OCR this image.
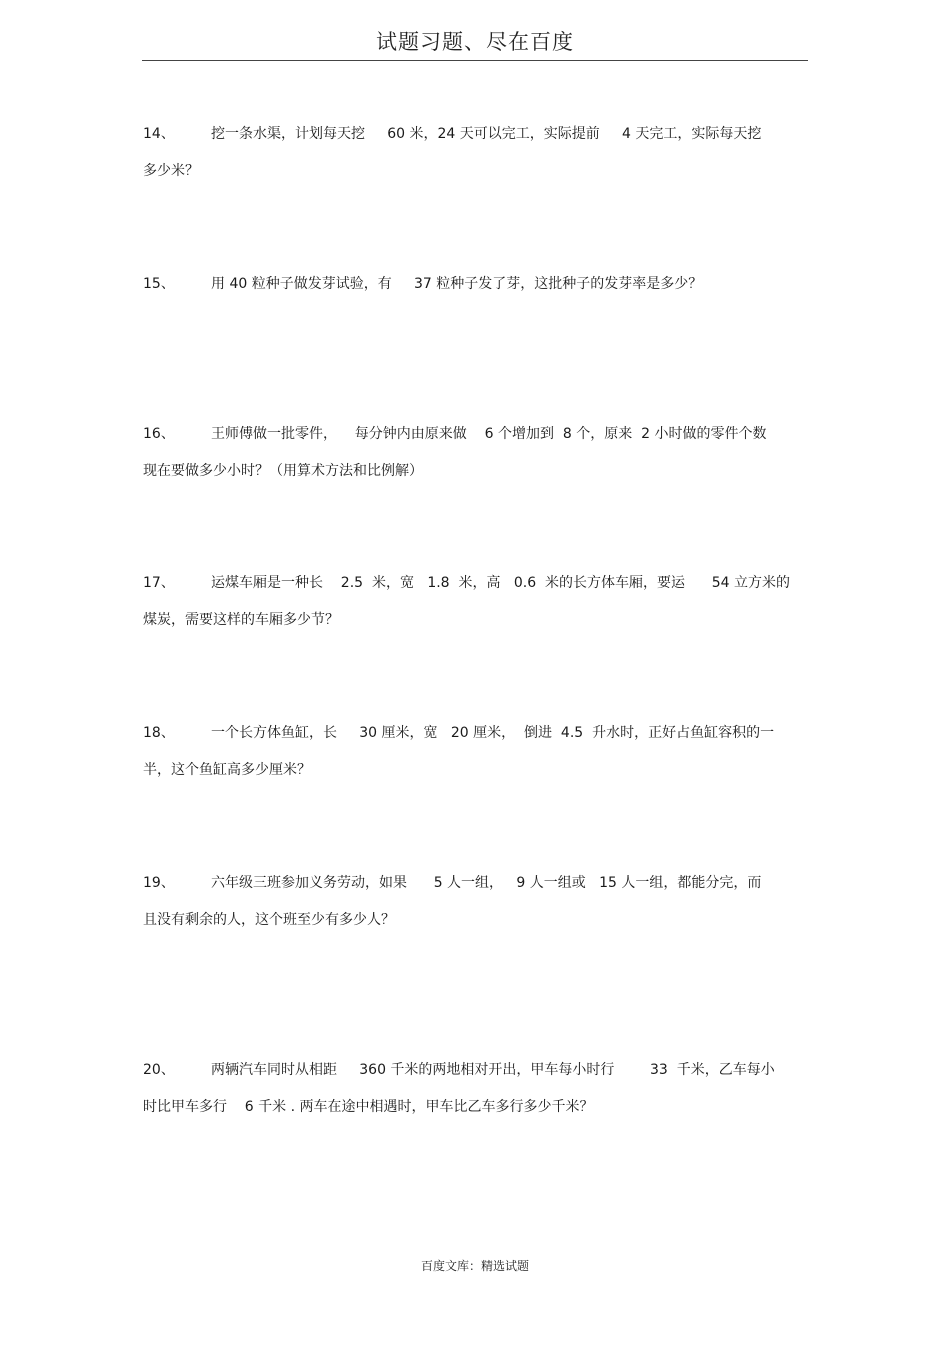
试题习题、尽在百度
14、	挖一条水渠，计划每天挖     60 米，24 天可以完工，实际提前     4 天完工，实际每天挖
多少米？
15、	用 40 粒种子做发芽试验，有     37 粒种子发了芽，这批种子的发芽率是多少？
16、	王师傅做一批零件，    每分钟内由原来做    6 个增加到  8 个，原来  2 小时做的零件个数
现在要做多少小时？（用算术方法和比例解）
17、	运煤车厢是一种长    2.5  米，宽   1.8  米，高   0.6  米的长方体车厢，要运      54 立方米的
煤炭，需要这样的车厢多少节？
18、	一个长方体鱼缸，长     30 厘米，宽   20 厘米，  倒进  4.5  升水时，正好占鱼缸容积的一
半，这个鱼缸高多少厘米？
19、	六年级三班参加义务劳动，如果      5 人一组，   9 人一组或   15 人一组，都能分完，而
且没有剩余的人，这个班至少有多少人？
20、	两辆汽车同时从相距     360 千米的两地相对开出，甲车每小时行        33  千米，乙车每小
时比甲车多行    6 千米 . 两车在途中相遇时，甲车比乙车多行多少千米？
百度文库：精选试题
